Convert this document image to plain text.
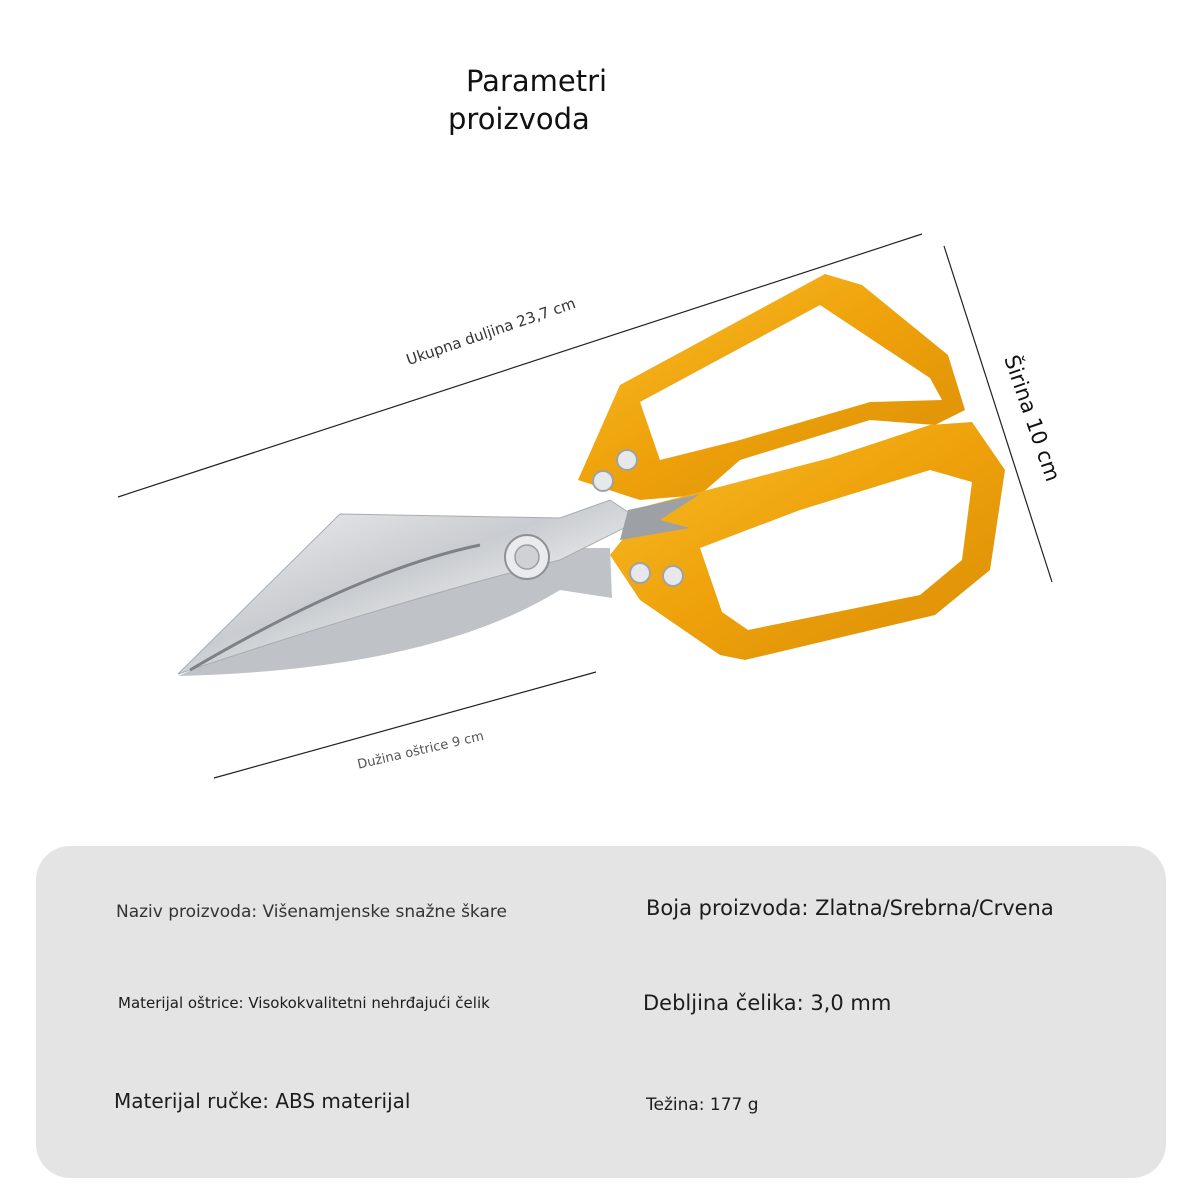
Parametri
proizvoda
Ukupna duljina 23,7 cm
Dužina oštrice 9 cm
Širina 10 cm
Naziv proizvoda: Višenamjenske snažne škare	Boja proizvoda: Zlatna/Srebrna/Crvena
Materijal oštrice: Visokokvalitetni nehrđajući čelik	Debljina čelika: 3,0 mm
Materijal ručke: ABS materijal	Težina: 177 g
